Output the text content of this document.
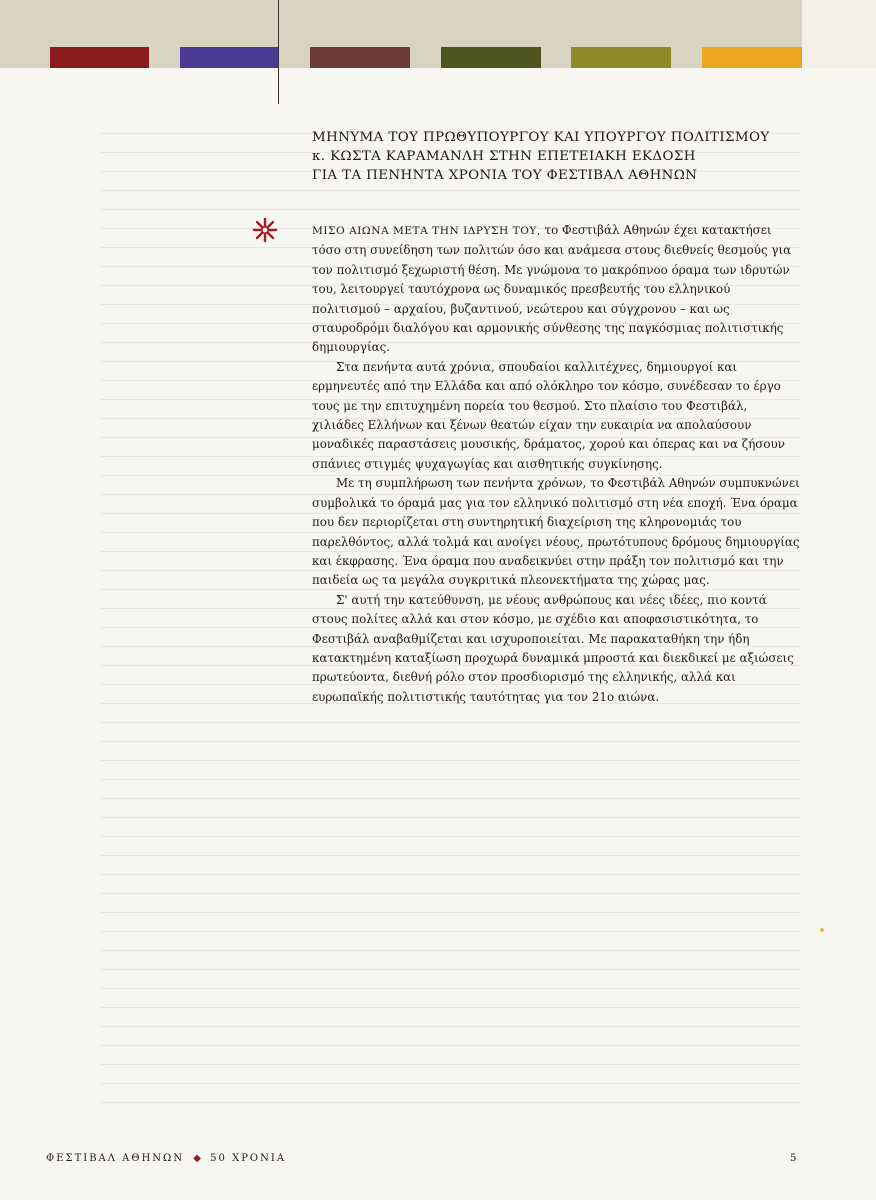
ΜΗΝΥΜΑ ΤΟΥ ΠΡΩΘΥΠΟΥΡΓΟΥ ΚΑΙ ΥΠΟΥΡΓΟΥ ΠΟΛΙΤΙΣΜΟΥ
κ. ΚΩΣΤΑ ΚΑΡΑΜΑΝΛΗ ΣΤΗΝ ΕΠΕΤΕΙΑΚΗ ΕΚΔΟΣΗ
ΓΙΑ ΤΑ ΠΕΝΗΝΤΑ ΧΡΟΝΙΑ ΤΟΥ ΦΕΣΤΙΒΑΛ ΑΘΗΝΩΝ

ΜΙΣΟ ΑΙΩΝΑ ΜΕΤΑ ΤΗΝ ΙΔΡΥΣΗ ΤΟΥ, το Φεστιβάλ Αθηνών έχει κατακτήσει τόσο στη συνείδηση των πολιτών όσο και ανάμεσα στους διεθνείς θεσμούς για τον πολιτισμό ξεχωριστή θέση. Με γνώμονα το μακρόπνοο όραμα των ιδρυτών του, λειτουργεί ταυτόχρονα ως δυναμικός πρεσβευτής του ελληνικού πολιτισμού – αρχαίου, βυζαντινού, νεώτερου και σύγχρονου – και ως σταυροδρόμι διαλόγου και αρμονικής σύνθεσης της παγκόσμιας πολιτιστικής δημιουργίας.

Στα πενήντα αυτά χρόνια, σπουδαίοι καλλιτέχνες, δημιουργοί και ερμηνευτές από την Ελλάδα και από ολόκληρο τον κόσμο, συνέδεσαν το έργο τους με την επιτυχημένη πορεία του θεσμού. Στο πλαίσιο του Φεστιβάλ, χιλιάδες Ελλήνων και ξένων θεατών είχαν την ευκαιρία να απολαύσουν μοναδικές παραστάσεις μουσικής, δράματος, χορού και όπερας και να ζήσουν σπάνιες στιγμές ψυχαγωγίας και αισθητικής συγκίνησης.

Με τη συμπλήρωση των πενήντα χρόνων, το Φεστιβάλ Αθηνών συμπυκνώνει συμβολικά το όραμά μας για τον ελληνικό πολιτισμό στη νέα εποχή. Ένα όραμα που δεν περιορίζεται στη συντηρητική διαχείριση της κληρονομιάς του παρελθόντος, αλλά τολμά και ανοίγει νέους, πρωτότυπους δρόμους δημιουργίας και έκφρασης. Ένα όραμα που αναδεικνύει στην πράξη τον πολιτισμό και την παιδεία ως τα μεγάλα συγκριτικά πλεονεκτήματα της χώρας μας.

Σ' αυτή την κατεύθυνση, με νέους ανθρώπους και νέες ιδέες, πιο κοντά στους πολίτες αλλά και στον κόσμο, με σχέδιο και αποφασιστικότητα, το Φεστιβάλ αναβαθμίζεται και ισχυροποιείται. Με παρακαταθήκη την ήδη κατακτημένη καταξίωση προχωρά δυναμικά μπροστά και διεκδικεί με αξιώσεις πρωτεύοντα, διεθνή ρόλο στον προσδιορισμό της ελληνικής, αλλά και ευρωπαϊκής πολιτιστικής ταυτότητας για τον 21ο αιώνα.

ΦΕΣΤΙΒΑΛ ΑΘΗΝΩΝ ◆ 50 ΧΡΟΝΙΑ	5
